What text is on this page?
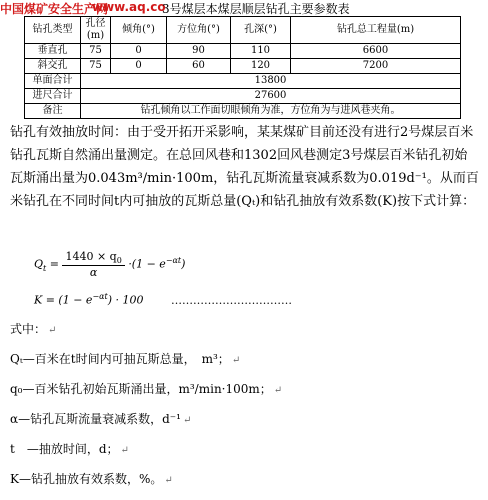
中国煤矿安全生产网
www.aq.co
3号煤层本煤层顺层钻孔主要参数表
钻孔类型	孔径(m)	倾角(°)	方位角(°)	孔深(°)	钻孔总工程量(m)
垂直孔	75	0	90	110	6600
斜交孔	75	0	60	120	7200
单面合计	13800				
进尺合计	27600				
备注	钻孔倾角以工作面切眼倾角为准，方位角为与进风巷夹角。				
钻孔有效抽放时间：由于受开拓开采影响，某某煤矿目前还没有进行2号煤层百米钻孔瓦斯自然涌出量测定。在总回风巷和1302回风巷测定3号煤层百米钻孔初始瓦斯涌出量为0.043m³/min·100m，钻孔瓦斯流量衰减系数为0.019d⁻¹。从而百米钻孔在不同时间t内可抽放的瓦斯总量(Qₜ)和钻孔抽放有效系数(K)按下式计算：
$Q_t = \frac{1440 \times q_0}{\alpha} \cdot(1 - e^{-\alpha t})$
$K = (1 - e^{-\alpha t}) \cdot 100$	……………………………
式中： ↵
Qₜ—百米在t时间内可抽瓦斯总量，　m³； ↵
q₀—百米钻孔初始瓦斯涌出量，m³/min·100m； ↵
α—钻孔瓦斯流量衰减系数，d⁻¹ ↵
t　—抽放时间，d； ↵
K—钻孔抽放有效系数，%。 ↵
